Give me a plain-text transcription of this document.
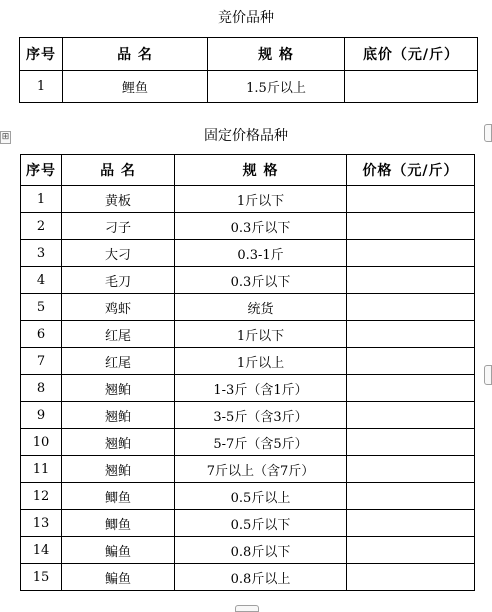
竞价品种
序号	品 名	规 格	底价（元/斤）
1	鲤鱼	1.5斤以上	
⊞	固定价格品种
序号	品 名	规 格	价格（元/斤）
1	黄板	1斤以下	
2	刁子	0.3斤以下	
3	大刁	0.3-1斤	
4	毛刀	0.3斤以下	
5	鸡虾	统货	
6	红尾	1斤以下	
7	红尾	1斤以上	
8	翘鲌	1-3斤（含1斤）	
9	翘鲌	3-5斤（含3斤）	
10	翘鲌	5-7斤（含5斤）	
11	翘鲌	7斤以上（含7斤）	
12	鲫鱼	0.5斤以上	
13	鲫鱼	0.5斤以下	
14	鳊鱼	0.8斤以下	
15	鳊鱼	0.8斤以上	
